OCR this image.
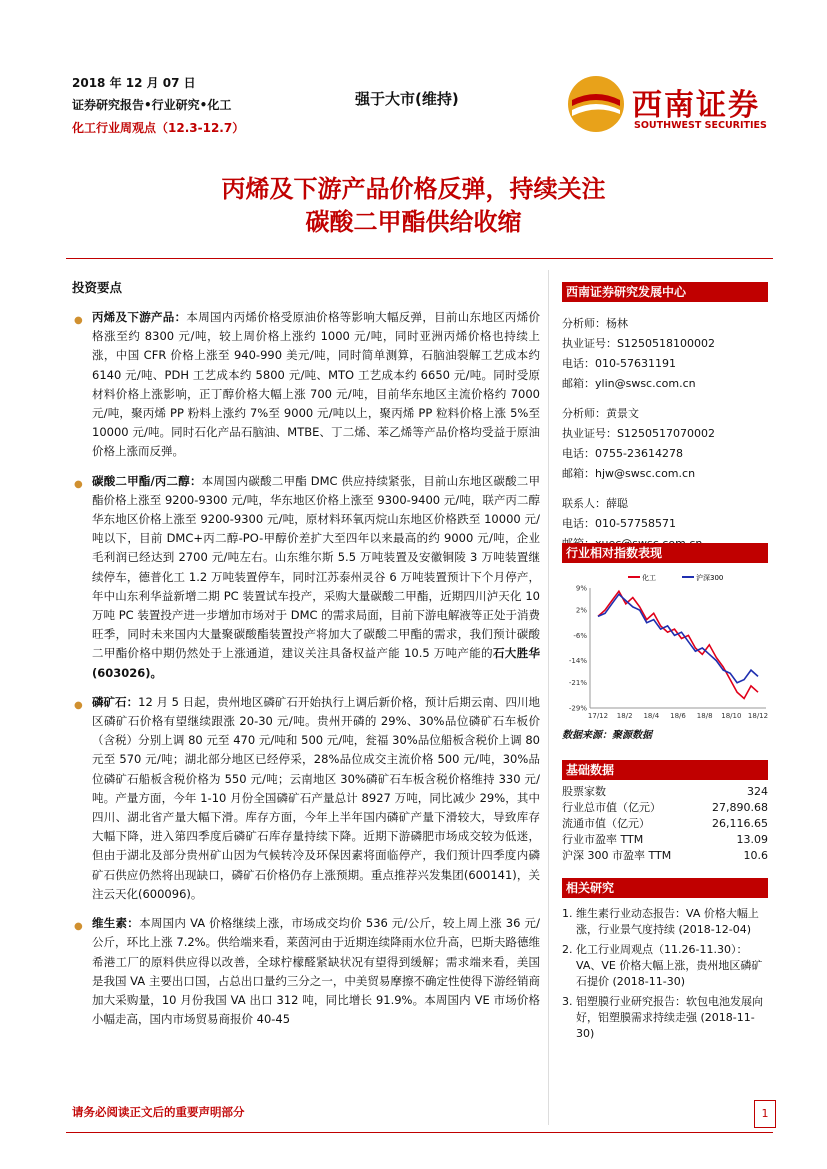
2018 年 12 月 07 日
证券研究报告•行业研究•化工
化工行业周观点（12.3-12.7）
强于大市(维持)	西南证券
SOUTHWEST SECURITIES
丙烯及下游产品价格反弹，持续关注
碳酸二甲酯供给收缩
投资要点

● 丙烯及下游产品：本周国内丙烯价格受原油价格等影响大幅反弹，目前山东地区丙烯价格涨至约 8300 元/吨，较上周价格上涨约 1000 元/吨，同时亚洲丙烯价格也持续上涨，中国 CFR 价格上涨至 940-990 美元/吨，同时简单测算，石脑油裂解工艺成本约 6140 元/吨、PDH 工艺成本约 5800 元/吨、MTO 工艺成本约 6650 元/吨。同时受原材料价格上涨影响，正丁醇价格大幅上涨 700 元/吨，目前华东地区主流价格约 7000 元/吨，聚丙烯 PP 粉料上涨约 7%至 9000 元/吨以上，聚丙烯 PP 粒料价格上涨 5%至 10000 元/吨。同时石化产品石脑油、MTBE、丁二烯、苯乙烯等产品价格均受益于原油价格上涨而反弹。

● 碳酸二甲酯/丙二醇：本周国内碳酸二甲酯 DMC 供应持续紧张，目前山东地区碳酸二甲酯价格上涨至 9200-9300 元/吨，华东地区价格上涨至 9300-9400 元/吨，联产丙二醇华东地区价格上涨至 9200-9300 元/吨，原材料环氧丙烷山东地区价格跌至 10000 元/吨以下，目前 DMC+丙二醇-PO-甲醇价差扩大至四年以来最高的约 9000 元/吨，企业毛利润已经达到 2700 元/吨左右。山东维尔斯 5.5 万吨装置及安徽铜陵 3 万吨装置继续停车，德普化工 1.2 万吨装置停车，同时江苏泰州灵谷 6 万吨装置预计下个月停产，年中山东利华益新增二期 PC 装置试车投产，采购大量碳酸二甲酯，近期四川泸天化 10 万吨 PC 装置投产进一步增加市场对于 DMC 的需求局面，目前下游电解液等正处于消费旺季，同时未来国内大量聚碳酸酯装置投产将加大了碳酸二甲酯的需求，我们预计碳酸二甲酯价格中期仍然处于上涨通道，建议关注具备权益产能 10.5 万吨产能的石大胜华(603026)。

● 磷矿石：12 月 5 日起，贵州地区磷矿石开始执行上调后新价格，预计后期云南、四川地区磷矿石价格有望继续跟涨 20-30 元/吨。贵州开磷的 29%、30%品位磷矿石车板价（含税）分别上调 80 元至 470 元/吨和 500 元/吨，瓮福 30%品位船板含税价上调 80 元至 570 元/吨；湖北部分地区已经停采，28%品位成交主流价格 500 元/吨，30%品位磷矿石船板含税价格为 550 元/吨；云南地区 30%磷矿石车板含税价格维持 330 元/吨。产量方面，今年 1-10 月份全国磷矿石产量总计 8927 万吨，同比减少 29%，其中四川、湖北省产量大幅下滑。库存方面，今年上半年国内磷矿产量下滑较大，导致库存大幅下降，进入第四季度后磷矿石库存量持续下降。近期下游磷肥市场成交较为低迷，但由于湖北及部分贵州矿山因为气候转冷及环保因素将面临停产，我们预计四季度内磷矿石供应仍然将出现缺口，磷矿石价格仍存上涨预期。重点推荐兴发集团(600141)，关注云天化(600096)。

● 维生素：本周国内 VA 价格继续上涨，市场成交均价 536 元/公斤，较上周上涨 36 元/公斤，环比上涨 7.2%。供给端来看，莱茵河由于近期连续降雨水位升高，巴斯夫路德维希港工厂的原料供应得以改善，全球柠檬醛紧缺状况有望得到缓解；需求端来看，美国是我国 VA 主要出口国，占总出口量约三分之一，中美贸易摩擦不确定性使得下游经销商加大采购量，10 月份我国 VA 出口 312 吨，同比增长 91.9%。本周国内 VE 市场价格小幅走高，国内市场贸易商报价 40-45

西南证券研究发展中心
分析师：杨林
执业证号：S1250518100002
电话：010-57631191
邮箱：ylin@swsc.com.cn
分析师：黄景文
执业证号：S1250517070002
电话：0755-23614278
邮箱：hjw@swsc.com.cn
联系人：薛聪
电话：010-57758571
行业相对指数表现
化工	沪深300
9%
2%
-6%
-14%
-21%
-29%
17/12 18/2 18/4 18/6 18/8 18/10 18/12
数据来源：聚源数据
基础数据
股票家数	324
行业总市值（亿元）	27,890.68
流通市值（亿元）	26,116.65
行业市盈率 TTM	13.09
沪深 300 市盈率 TTM	10.6
相关研究
1. 维生素行业动态报告：VA 价格大幅上涨，行业景气度持续 (2018-12-04)
2. 化工行业周观点（11.26-11.30）：VA、VE 价格大幅上涨，贵州地区磷矿石提价 (2018-11-30)
3. 铝塑膜行业研究报告：软包电池发展向好，铝塑膜需求持续走强 (2018-11-30)
请务必阅读正文后的重要声明部分	1
